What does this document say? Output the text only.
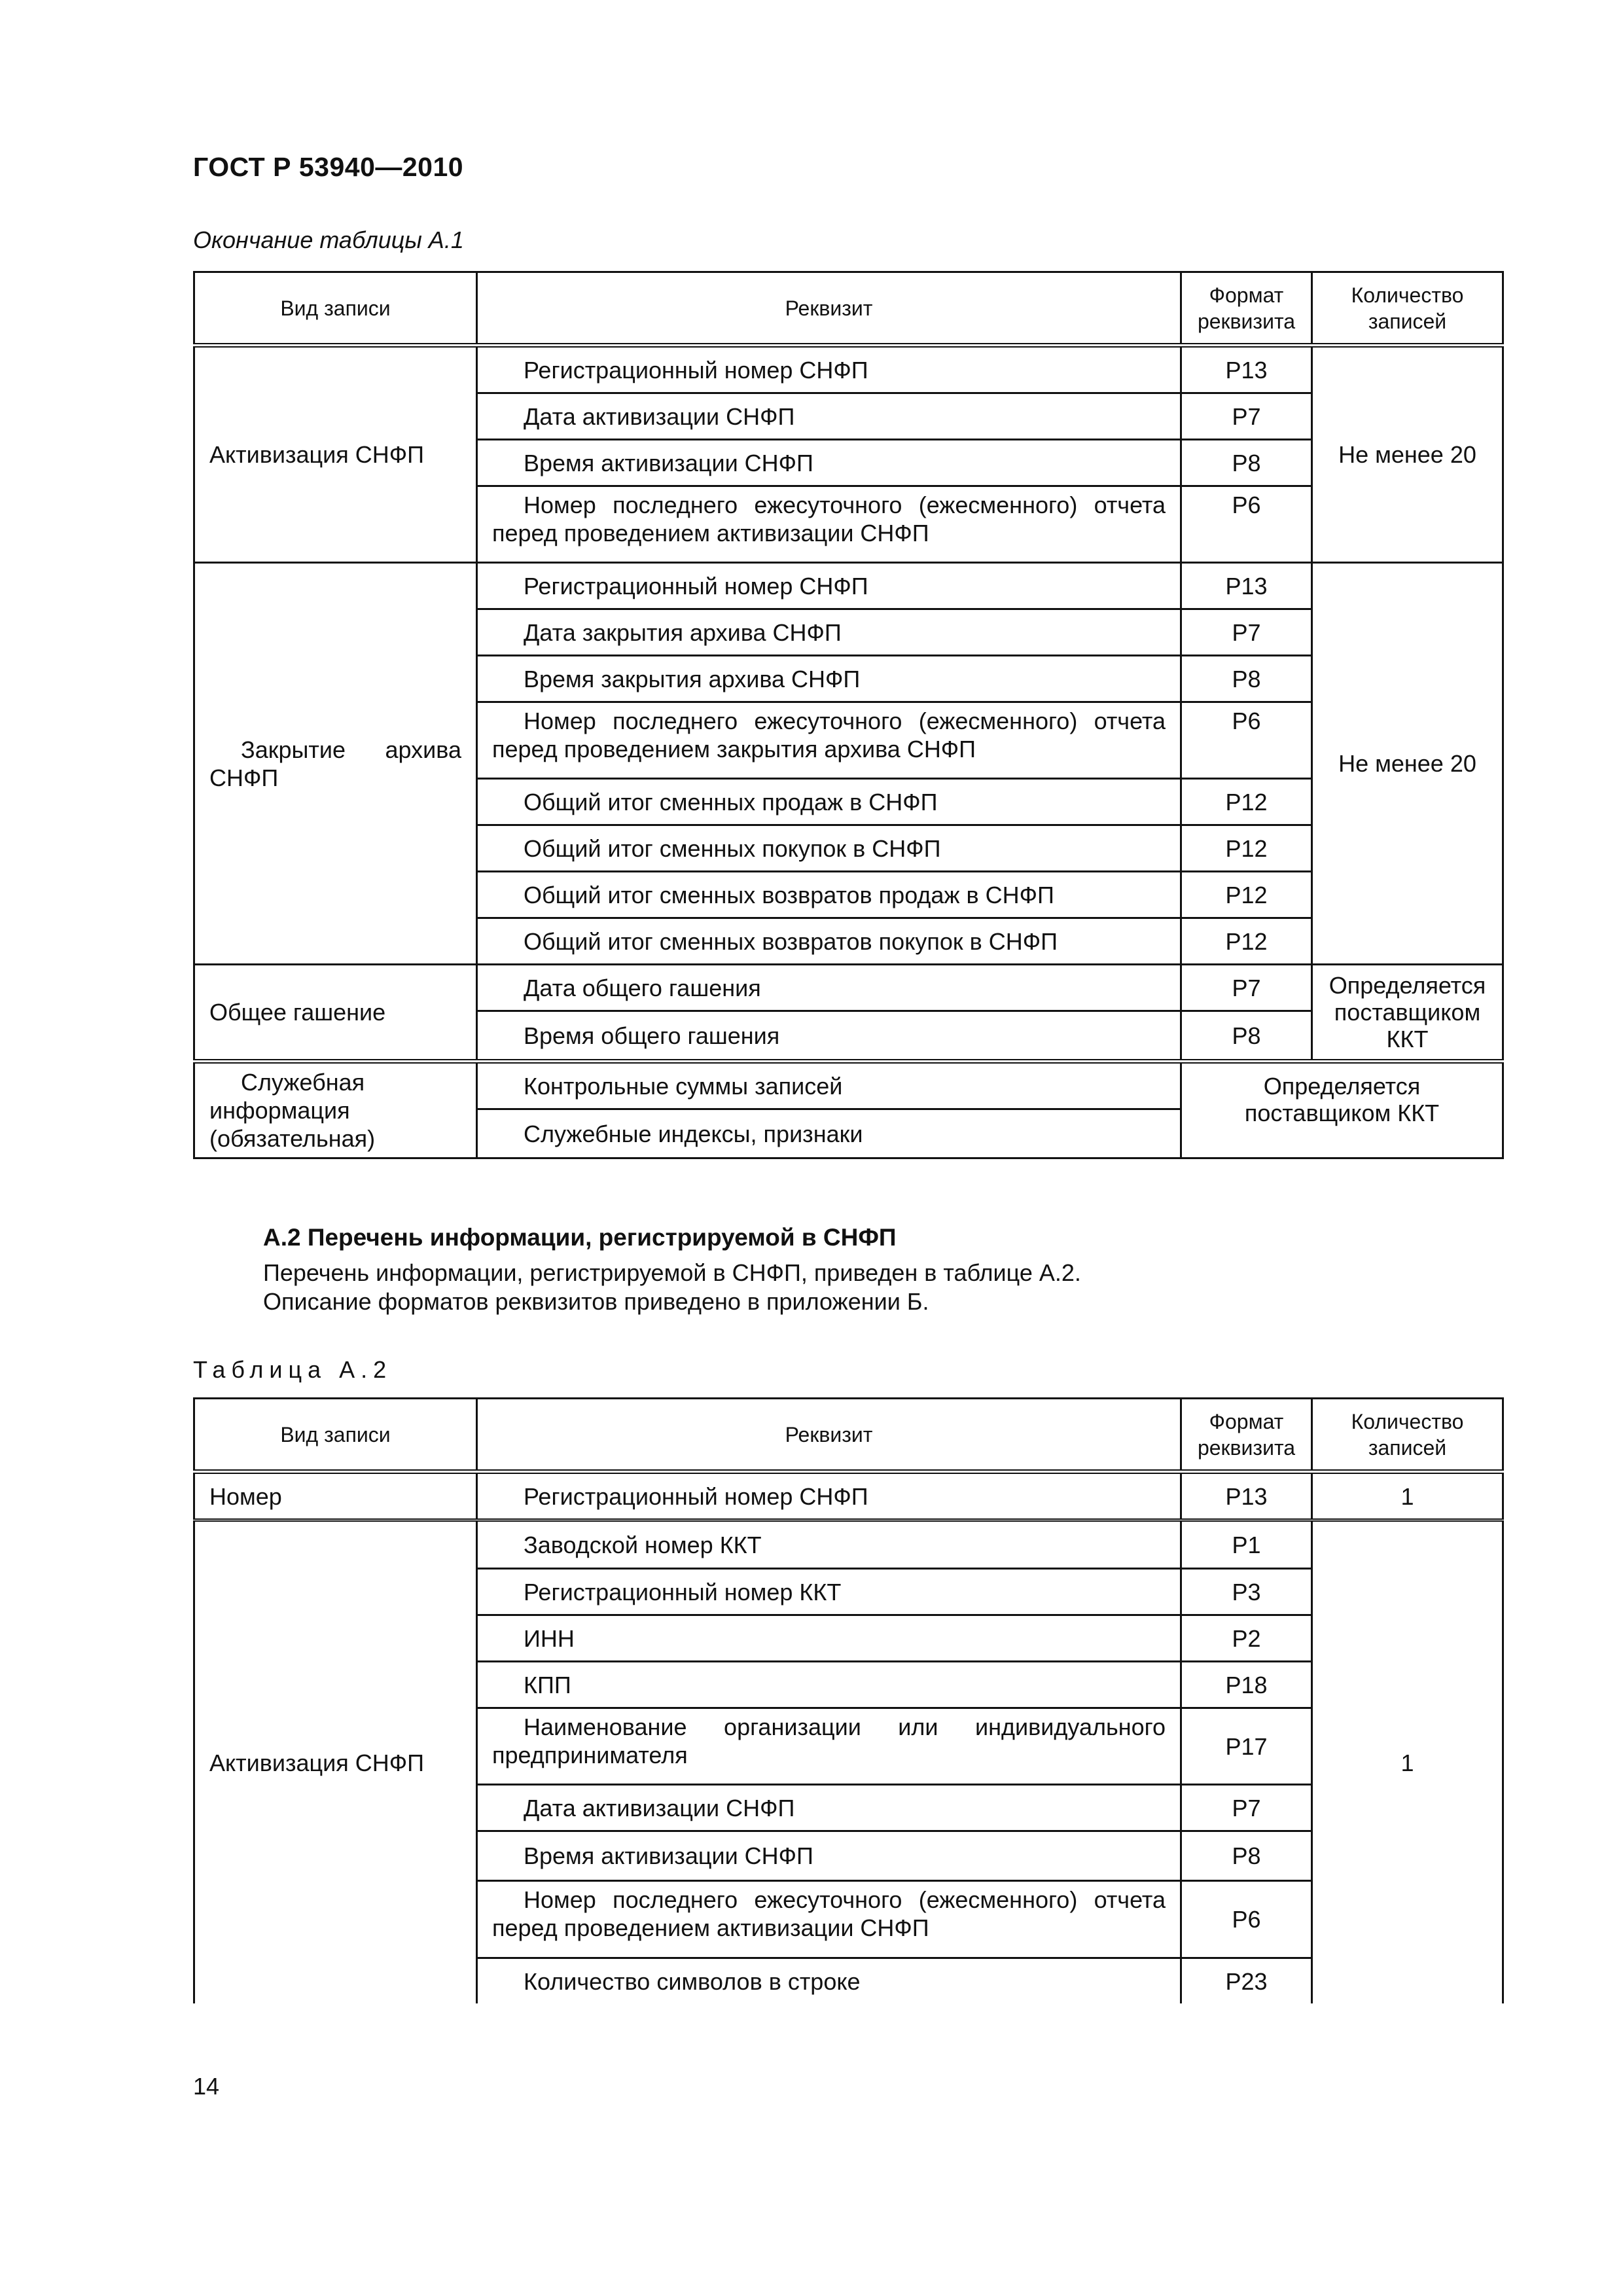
ГОСТ Р 53940—2010
Окончание таблицы А.1
Вид записи	Реквизит	Формат реквизита	Количество записей
Активизация СНФП	Регистрационный номер СНФП	Р13	Не менее 20
	Дата активизации СНФП	Р7	
	Время активизации СНФП	Р8	
	Номер последнего ежесуточного (ежесменного) отчета перед проведением активизации СНФП	Р6	
Закрытие архива СНФП	Регистрационный номер СНФП	Р13	Не менее 20
	Дата закрытия архива СНФП	Р7	
	Время закрытия архива СНФП	Р8	
	Номер последнего ежесуточного (ежесменного) отчета перед проведением закрытия архива СНФП	Р6	
	Общий итог сменных продаж в СНФП	Р12	
	Общий итог сменных покупок в СНФП	Р12	
	Общий итог сменных возвратов продаж в СНФП	Р12	
	Общий итог сменных возвратов покупок в СНФП	Р12	
Общее гашение	Дата общего гашения	Р7	Определяется поставщиком ККТ
	Время общего гашения	Р8	
Служебная информация (обязательная)	Контрольные суммы записей	Определяется поставщиком ККТ	
	Служебные индексы, признаки		
А.2 Перечень информации, регистрируемой в СНФП
Перечень информации, регистрируемой в СНФП, приведен в таблице А.2.
Описание форматов реквизитов приведено в приложении Б.
Таблица А.2
Вид записи	Реквизит	Формат реквизита	Количество записей
Номер	Регистрационный номер СНФП	Р13	1
Активизация СНФП	Заводской номер ККТ	Р1	1
	Регистрационный номер ККТ	Р3	
	ИНН	Р2	
	КПП	Р18	
	Наименование организации или индивидуального предпринимателя	Р17	
	Дата активизации СНФП	Р7	
	Время активизации СНФП	Р8	
	Номер последнего ежесуточного (ежесменного) отчета перед проведением активизации СНФП	Р6	
	Количество символов в строке	Р23	
14
